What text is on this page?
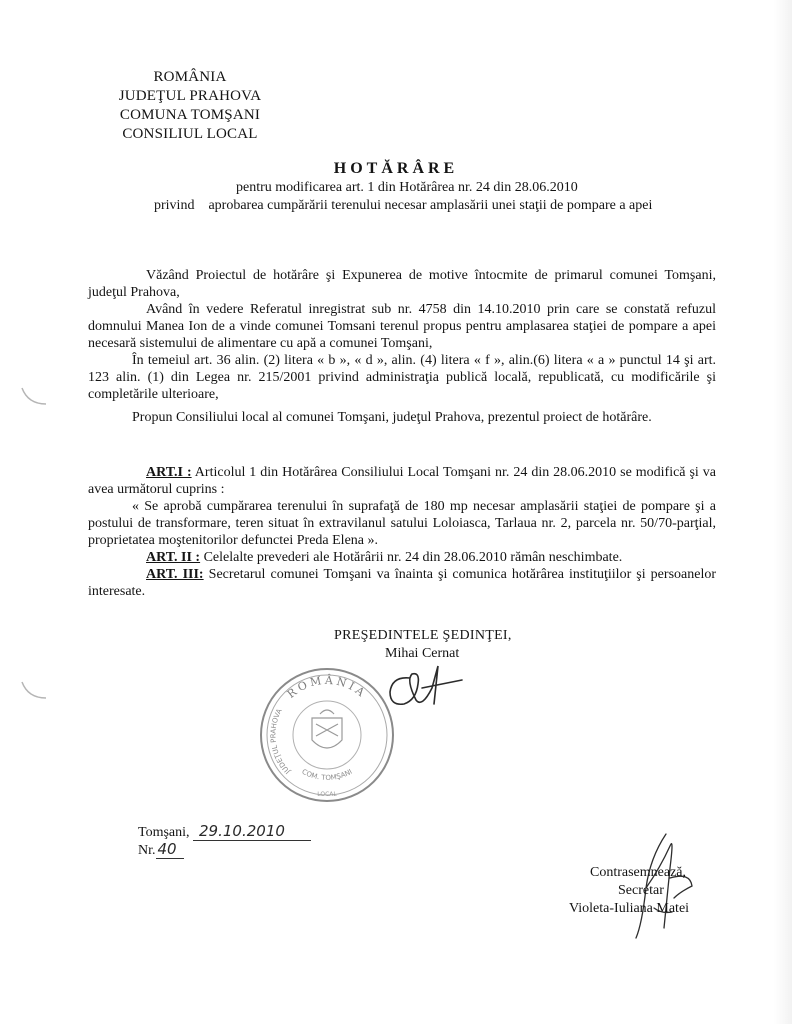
ROMÂNIA
JUDEŢUL PRAHOVA
COMUNA TOMŞANI
CONSILIUL LOCAL
HOTĂRÂRE
pentru modificarea art. 1 din Hotărârea nr. 24 din 28.06.2010
privind aprobarea cumpărării terenului necesar amplasării unei staţii de pompare a apei

Văzând Proiectul de hotărâre şi Expunerea de motive întocmite de primarul comunei Tomşani, judeţul Prahova,

Având în vedere Referatul inregistrat sub nr. 4758 din 14.10.2010 prin care se constată refuzul domnului Manea Ion de a vinde comunei Tomsani terenul propus pentru amplasarea staţiei de pompare a apei necesară sistemului de alimentare cu apă a comunei Tomşani,

În temeiul art. 36 alin. (2) litera « b », « d », alin. (4) litera « f », alin.(6) litera « a » punctul 14 şi art. 123 alin. (1) din Legea nr. 215/2001 privind administraţia publică locală, republicată, cu modificările şi completările ulterioare,

Propun Consiliului local al comunei Tomşani, judeţul Prahova, prezentul proiect de hotărâre.

ART.I : Articolul 1 din Hotărârea Consiliului Local Tomşani nr. 24 din 28.06.2010 se modifică şi va avea următorul cuprins :

« Se aprobă cumpărarea terenului în suprafaţă de 180 mp necesar amplasării staţiei de pompare şi a postului de transformare, teren situat în extravilanul satului Loloiasca, Tarlaua nr. 2, parcela nr. 50/70-parţial, proprietatea moştenitorilor defunctei Preda Elena ».

ART. II : Celelalte prevederi ale Hotărârii nr. 24 din 28.06.2010 rămân neschimbate.

ART. III: Secretarul comunei Tomşani va înainta şi comunica hotărârea instituţiilor şi persoanelor interesate.

PREŞEDINTELE ŞEDINŢEI,
Mihai Cernat
ROMÂNIA
JUDEŢUL PRAHOVA
COM. TOMŞANI
LOCAL
Tomşani, 29.10.2010
Nr. 40
Contrasemnează,
Secretar
Violeta-Iuliana Matei
